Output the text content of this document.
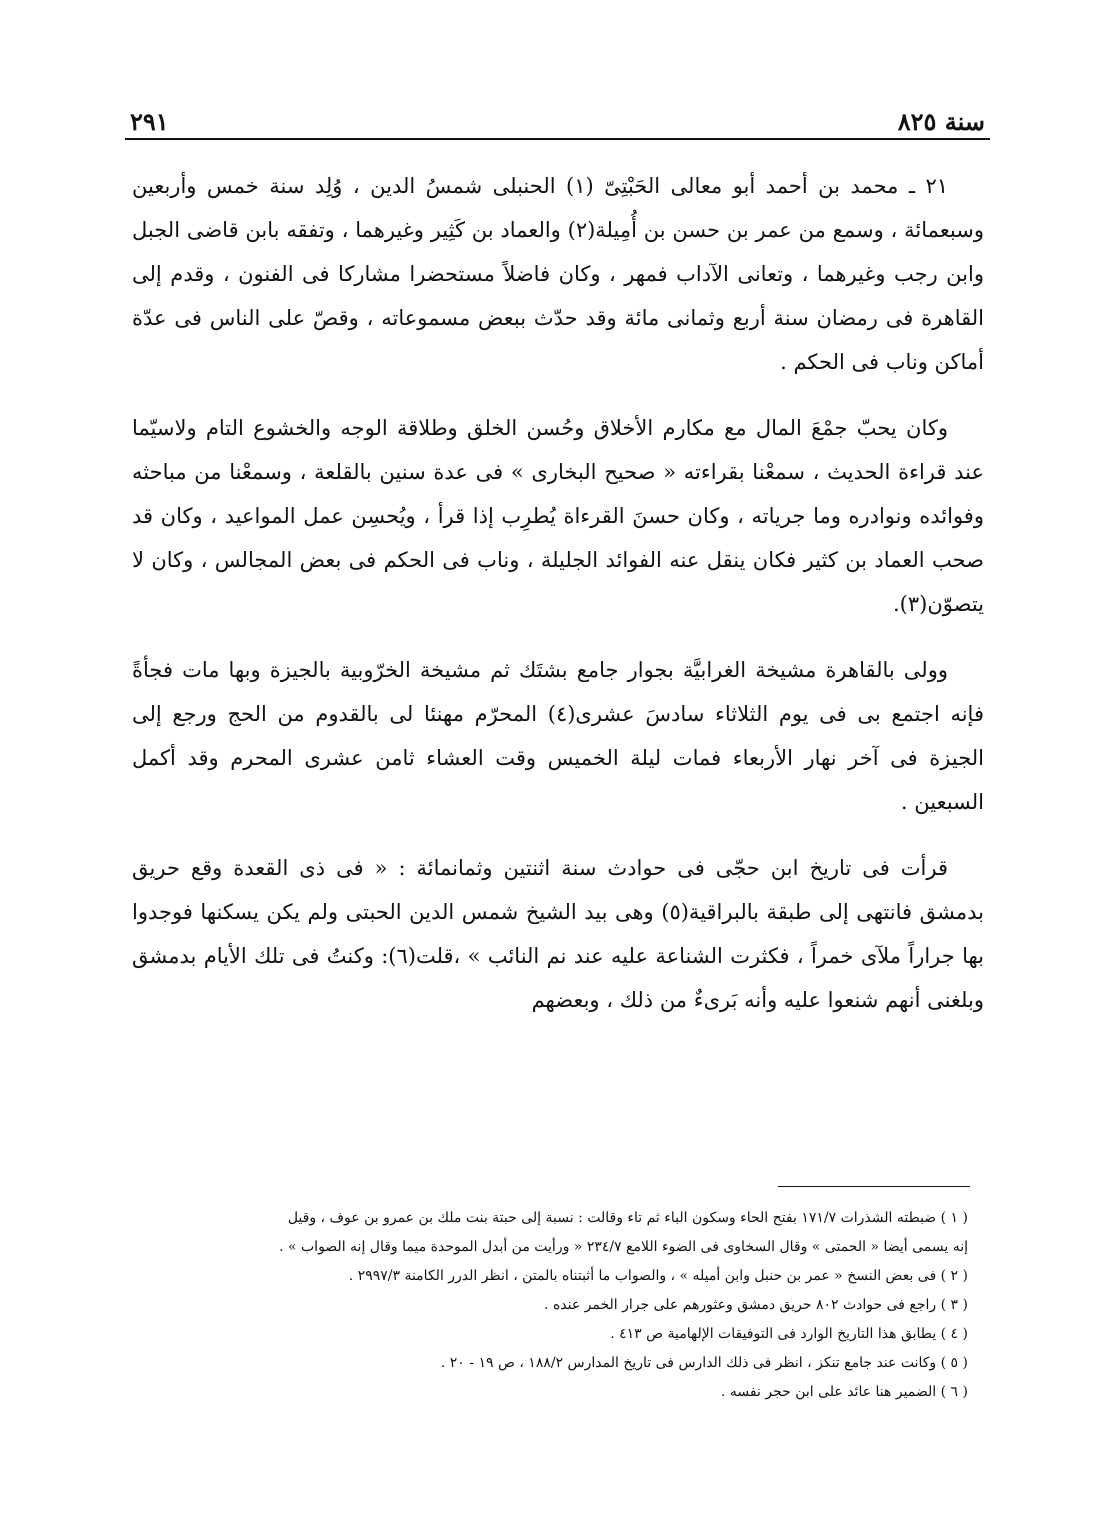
سنة ٨٢٥
٢٩١

٢١ ـ محمد بن أحمد أبو معالى الحَبْتِىّ (١) الحنبلى شمسُ الدين ، وُلِد سنة خمس وأربعين وسبعمائة ، وسمع من عمر بن حسن بن أُمِيلة(٢) والعماد بن كَثِير وغيرهما ، وتفقه بابن قاضى الجبل وابن رجب وغيرهما ، وتعانى الآداب فمهر ، وكان فاضلاً مستحضرا مشاركا فى الفنون ، وقدم إلى القاهرة فى رمضان سنة أربع وثمانى مائة وقد حدّث ببعض مسموعاته ، وقصّ على الناس فى عدّة أماكن وناب فى الحكم .

وكان يحبّ جمْعَ المال مع مكارم الأخلاق وحُسن الخلق وطلاقة الوجه والخشوع التام ولاسيّما عند قراءة الحديث ، سمعْنا بقراءته « صحيح البخارى » فى عدة سنين بالقلعة ، وسمعْنا من مباحثه وفوائده ونوادره وما جرياته ، وكان حسنَ القرءاة يُطرِب إذا قرأ ، ويُحسِن عمل المواعيد ، وكان قد صحب العماد بن كثير فكان ينقل عنه الفوائد الجليلة ، وناب فى الحكم فى بعض المجالس ، وكان لا يتصوّن(٣).

وولى بالقاهرة مشيخة الغرابيَّة بجوار جامع بشتَك ثم مشيخة الخرّوبية بالجيزة وبها مات فجأةً فإنه اجتمع بى فى يوم الثلاثاء سادسَ عشرى(٤) المحرّم مهنئا لى بالقدوم من الحج ورجع إلى الجيزة فى آخر نهار الأربعاء فمات ليلة الخميس وقت العشاء ثامن عشرى المحرم وقد أكمل السبعين .

قرأت فى تاريخ ابن حجّى فى حوادث سنة اثنتين وثمانمائة : « فى ذى القعدة وقع حريق بدمشق فانتهى إلى طبقة بالبراقية(٥) وهى بيد الشيخ شمس الدين الحبتى ولم يكن يسكنها فوجدوا بها جراراً ملآى خمراً ، فكثرت الشناعة عليه عند نم النائب » ،قلت(٦): وكنتُ فى تلك الأيام بدمشق وبلغنى أنهم شنعوا عليه وأنه بَرىءٌ من ذلك ، وبعضهم

( ١ ) ضبطته الشذرات ١٧١/٧ بفتح الحاء وسكون الباء ثم تاء وقالت : نسبة إلى حبتة بنت ملك بن عمرو بن عوف ، وقيل

إنه يسمى أيضا « الحمتى » وقال السخاوى فى الضوء اللامع ٢٣٤/٧ « ورأيت من أبدل الموحدة ميما وقال إنه الصواب » .

( ٢ ) فى بعض النسخ « عمر بن حنبل وابن أميله » ، والصواب ما أثبتناه بالمتن ، انظر الدرر الكامنة ٢٩٩٧/٣ .

( ٣ ) راجع فى حوادث ٨٠٢ حريق دمشق وعثورهم على جرار الخمر عنده .

( ٤ ) يطابق هذا التاريخ الوارد فى التوفيقات الإلهامية ص ٤١٣ .

( ٥ ) وكانت عند جامع تنكز ، انظر فى ذلك الدارس فى تاريخ المدارس ١٨٨/٢ ، ص ١٩ - ٢٠ .

( ٦ ) الضمير هنا عائد على ابن حجر نفسه .
